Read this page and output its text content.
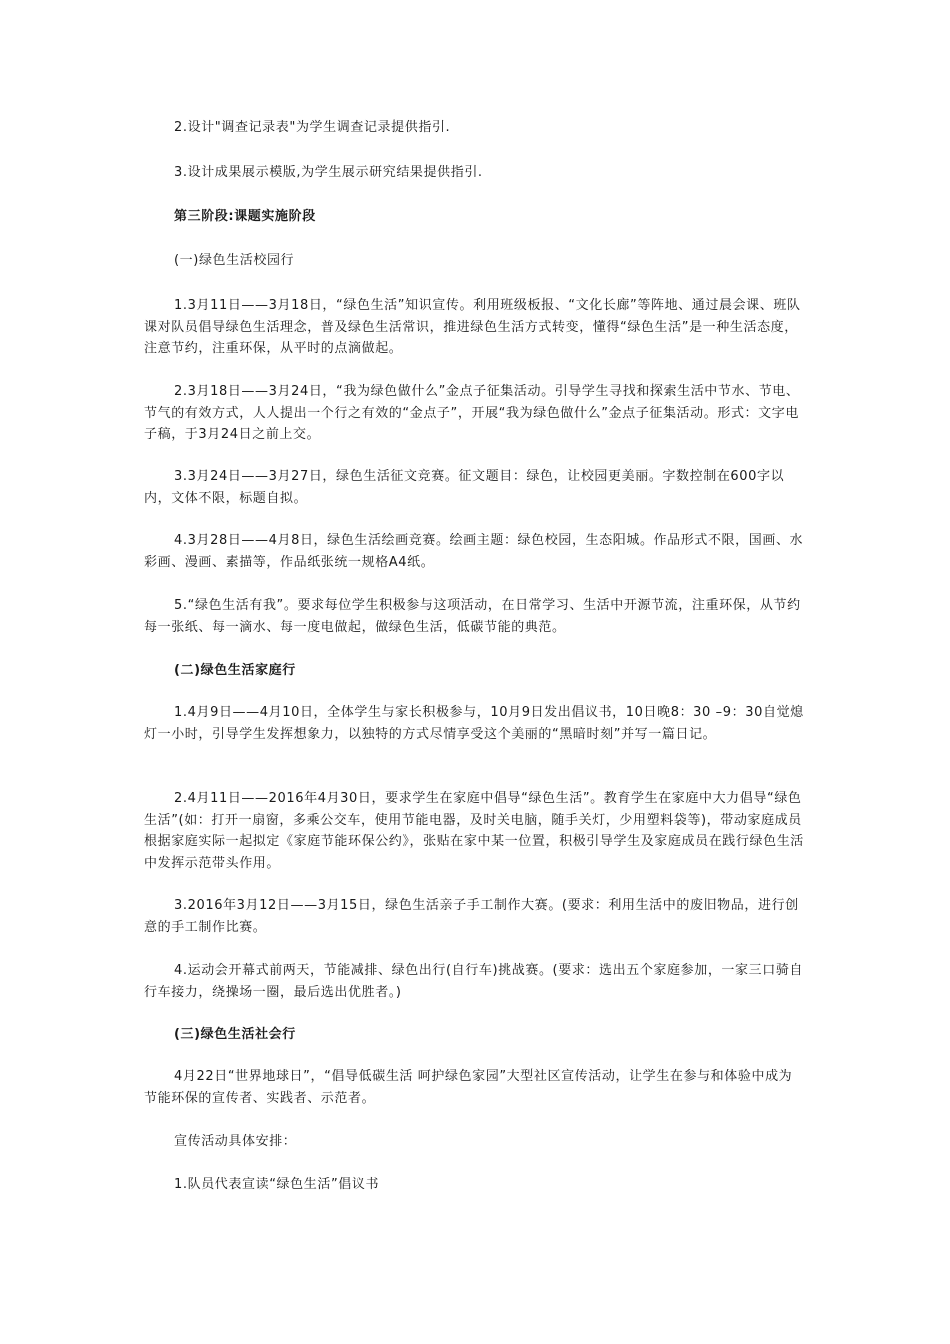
2.设计"调查记录表"为学生调查记录提供指引.

3.设计成果展示模版,为学生展示研究结果提供指引.

第三阶段:课题实施阶段

(一)绿色生活校园行

1.3月11日——3月18日，“绿色生活”知识宣传。利用班级板报、“文化长廊”等阵地、通过晨会课、班队课对队员倡导绿色生活理念，普及绿色生活常识，推进绿色生活方式转变，懂得“绿色生活”是一种生活态度，注意节约，注重环保，从平时的点滴做起。

2.3月18日——3月24日，“我为绿色做什么”金点子征集活动。引导学生寻找和探索生活中节水、节电、节气的有效方式，人人提出一个行之有效的“金点子”，开展“我为绿色做什么”金点子征集活动。形式：文字电子稿，于3月24日之前上交。

3.3月24日——3月27日，绿色生活征文竞赛。征文题目：绿色，让校园更美丽。字数控制在600字以内，文体不限，标题自拟。

4.3月28日——4月8日，绿色生活绘画竞赛。绘画主题：绿色校园，生态阳城。作品形式不限，国画、水彩画、漫画、素描等，作品纸张统一规格A4纸。

5.“绿色生活有我”。要求每位学生积极参与这项活动，在日常学习、生活中开源节流，注重环保，从节约每一张纸、每一滴水、每一度电做起，做绿色生活，低碳节能的典范。

(二)绿色生活家庭行

1.4月9日——4月10日，全体学生与家长积极参与，10月9日发出倡议书，10日晚8：30 –9：30自觉熄灯一小时，引导学生发挥想象力，以独特的方式尽情享受这个美丽的“黑暗时刻”并写一篇日记。

2.4月11日——2016年4月30日，要求学生在家庭中倡导“绿色生活”。教育学生在家庭中大力倡导“绿色生活”(如：打开一扇窗，多乘公交车，使用节能电器，及时关电脑，随手关灯，少用塑料袋等)，带动家庭成员根据家庭实际一起拟定《家庭节能环保公约》，张贴在家中某一位置，积极引导学生及家庭成员在践行绿色生活中发挥示范带头作用。

3.2016年3月12日——3月15日，绿色生活亲子手工制作大赛。(要求：利用生活中的废旧物品，进行创意的手工制作比赛。

4.运动会开幕式前两天，节能减排、绿色出行(自行车)挑战赛。(要求：选出五个家庭参加，一家三口骑自行车接力，绕操场一圈，最后选出优胜者。)

(三)绿色生活社会行

4月22日“世界地球日”，“倡导低碳生活 呵护绿色家园”大型社区宣传活动，让学生在参与和体验中成为节能环保的宣传者、实践者、示范者。

宣传活动具体安排：

1.队员代表宣读“绿色生活”倡议书
